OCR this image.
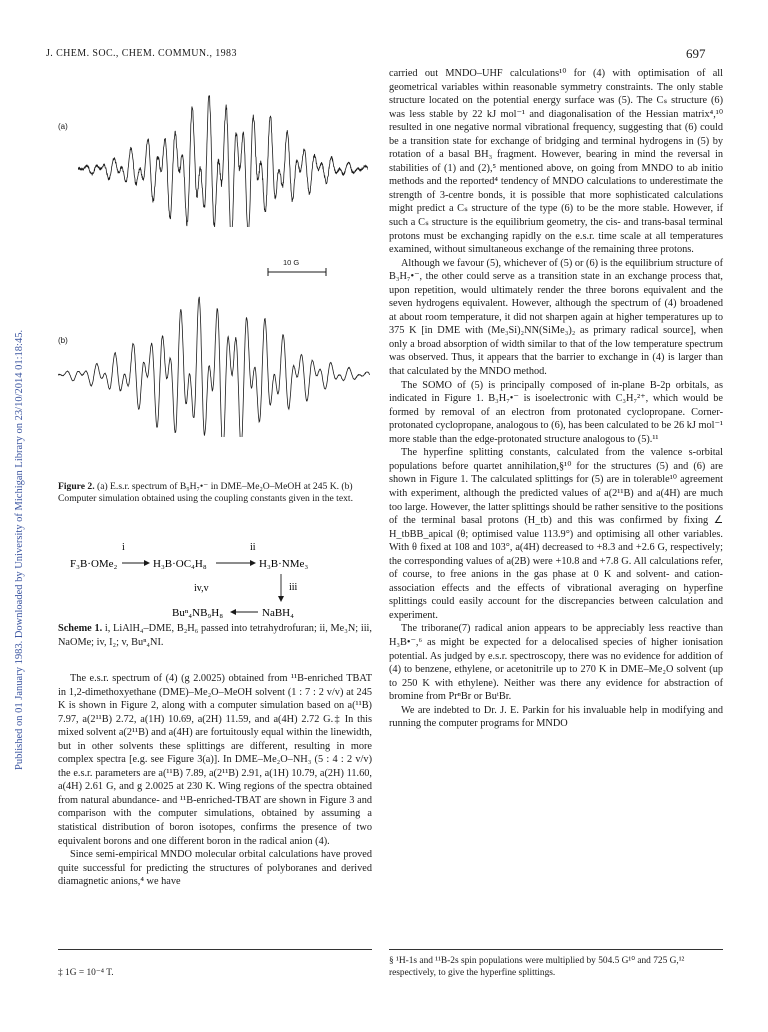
Published on 01 January 1983. Downloaded by University of Michigan Library on 23/10/2014 01:18:45.
J. CHEM. SOC., CHEM. COMMUN., 1983	697
(a)
10 G
(b)
Figure 2. (a) E.s.r. spectrum of B₉H₇•⁻ in DME–Me₂O–MeOH at 245 K. (b) Computer simulation obtained using the coupling constants given in the text.
i	ii
F₃B·OMe₂	H₃B·OC₄H₈	H₃B·NMe₃
iii
iv,v
Buⁿ₄NB₉H₈	NaBH₄
Scheme 1. i, LiAlH₄–DME, B₂H₆ passed into tetrahydrofuran; ii, Me₃N; iii, NaOMe; iv, I₂; v, Buⁿ₄NI.

The e.s.r. spectrum of (4) (g 2.0025) obtained from ¹¹B-enriched TBAT in 1,2-dimethoxyethane (DME)–Me₂O–MeOH solvent (1 : 7 : 2 v/v) at 245 K is shown in Figure 2, along with a computer simulation based on a(¹¹B) 7.97, a(2¹¹B) 2.72, a(1H) 10.69, a(2H) 11.59, and a(4H) 2.72 G.‡ In this mixed solvent a(2¹¹B) and a(4H) are fortuitously equal within the linewidth, but in other solvents these splittings are different, resulting in more complex spectra [e.g. see Figure 3(a)]. In DME–Me₂O–NH₃ (5 : 4 : 2 v/v) the e.s.r. parameters are a(¹¹B) 7.89, a(2¹¹B) 2.91, a(1H) 10.79, a(2H) 11.60, a(4H) 2.61 G, and g 2.0025 at 230 K. Wing regions of the spectra obtained from natural abundance- and ¹¹B-enriched-TBAT are shown in Figure 3 and comparison with the computer simulations, obtained by assuming a statistical distribution of boron isotopes, confirms the presence of two equivalent borons and one different boron in the radical anion (4).

Since semi-empirical MNDO molecular orbital calculations have proved quite successful for predicting the structures of polyboranes and derived diamagnetic anions,⁴ we have

carried out MNDO–UHF calculations¹⁰ for (4) with optimisation of all geometrical variables within reasonable symmetry constraints. The only stable structure located on the potential energy surface was (5). The Cₛ structure (6) was less stable by 22 kJ mol⁻¹ and diagonalisation of the Hessian matrix⁴,¹⁰ resulted in one negative normal vibrational frequency, suggesting that (6) could be a transition state for exchange of bridging and terminal hydrogens in (5) by rotation of a basal BH₃ fragment. However, bearing in mind the reversal in stabilities of (1) and (2),⁵ mentioned above, on going from MNDO to ab initio methods and the reported⁴ tendency of MNDO calculations to underestimate the strength of 3-centre bonds, it is possible that more sophisticated calculations might predict a Cₛ structure of the type (6) to be the more stable. However, if such a Cₛ structure is the equilibrium geometry, the cis- and trans-basal terminal protons must be exchanging rapidly on the e.s.r. time scale at all temperatures examined, without simultaneous exchange of the remaining three protons.

Although we favour (5), whichever of (5) or (6) is the equilibrium structure of B₃H₇•⁻, the other could serve as a transition state in an exchange process that, upon repetition, would ultimately render the three borons equivalent and the seven hydrogens equivalent. However, although the spectrum of (4) broadened at about room temperature, it did not sharpen again at higher temperatures up to 375 K [in DME with (Me₃Si)₂NN(SiMe₃)₂ as primary radical source], when only a broad absorption of width similar to that of the low temperature spectrum was observed. Thus, it appears that the barrier to exchange in (4) is larger than that calculated by the MNDO method.

The SOMO of (5) is principally composed of in-plane B-2p orbitals, as indicated in Figure 1. B₃H₇•⁻ is isoelectronic with C₃H₇²⁺, which would be formed by removal of an electron from protonated cyclopropane. Corner-protonated cyclopropane, analogous to (6), has been calculated to be 26 kJ mol⁻¹ more stable than the edge-protonated structure analogous to (5).¹¹

The hyperfine splitting constants, calculated from the valence s-orbital populations before quartet annihilation,§¹⁰ for the structures (5) and (6) are shown in Figure 1. The calculated splittings for (5) are in tolerable¹⁰ agreement with experiment, although the predicted values of a(2¹¹B) and a(4H) are much too large. However, the latter splittings should be rather sensitive to the positions of the terminal basal protons (H_tb) and this was confirmed by fixing ∠ H_tbBB_apical (θ; optimised value 113.9°) and optimising all other variables. With θ fixed at 108 and 103°, a(4H) decreased to +8.3 and +2.6 G, respectively; the corresponding values of a(2B) were +10.8 and +7.8 G. All calculations refer, of course, to free anions in the gas phase at 0 K and solvent- and cation-association effects and the effects of vibrational averaging on hyperfine splittings could easily account for the discrepancies between calculation and experiment.

The triborane(7) radical anion appears to be appreciably less reactive than H₃B•⁻,⁶ as might be expected for a delocalised species of higher ionisation potential. As judged by e.s.r. spectroscopy, there was no evidence for addition of (4) to benzene, ethylene, or acetonitrile up to 270 K in DME–Me₂O solvent (up to 250 K with ethylene). Neither was there any evidence for abstraction of bromine from PrⁿBr or BuᵗBr.

We are indebted to Dr. J. E. Parkin for his invaluable help in modifying and running the computer programs for MNDO

‡ 1G = 10⁻⁴ T.
§ ¹H-1s and ¹¹B-2s spin populations were multiplied by 504.5 G¹⁰ and 725 G,¹² respectively, to give the hyperfine splittings.
